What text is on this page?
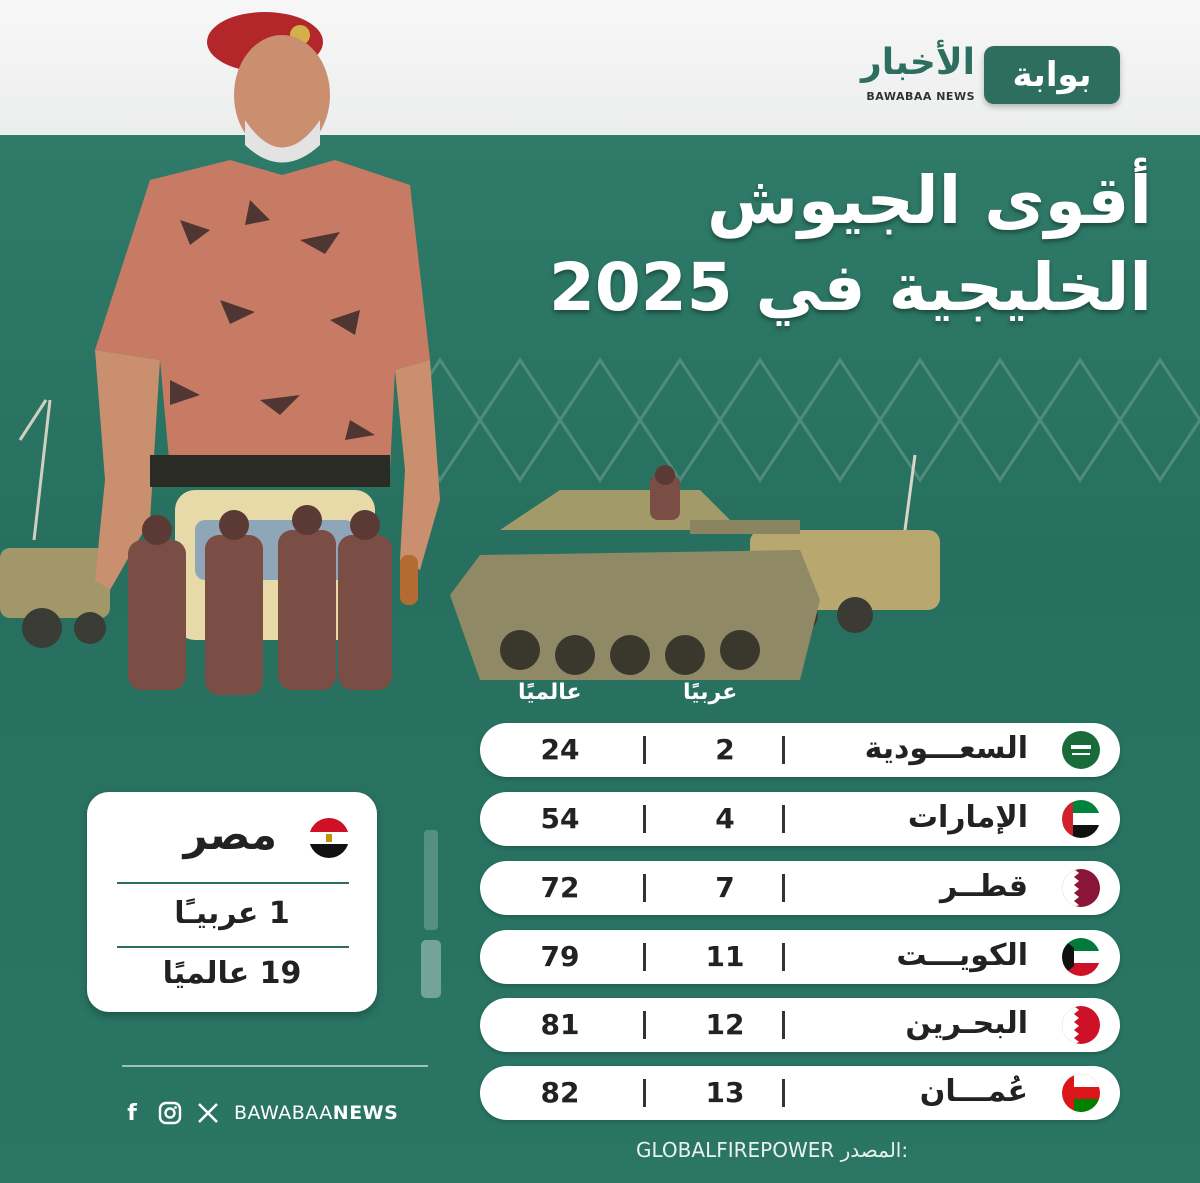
بوابة
الأخبار
BAWABAA NEWS
أقوى الجيوش
الخليجية في 2025
عربيًا
عالميًا
السعـــودية
2
24
الإمارات
4
54
قطــر
7
72
الكويـــت
11
79
البحـرين
12
81
عُمـــان
13
82
مصر
1 عربيـًا
19 عالميًا
f	BAWABAANEWS
GLOBALFIREPOWER المصدر:
